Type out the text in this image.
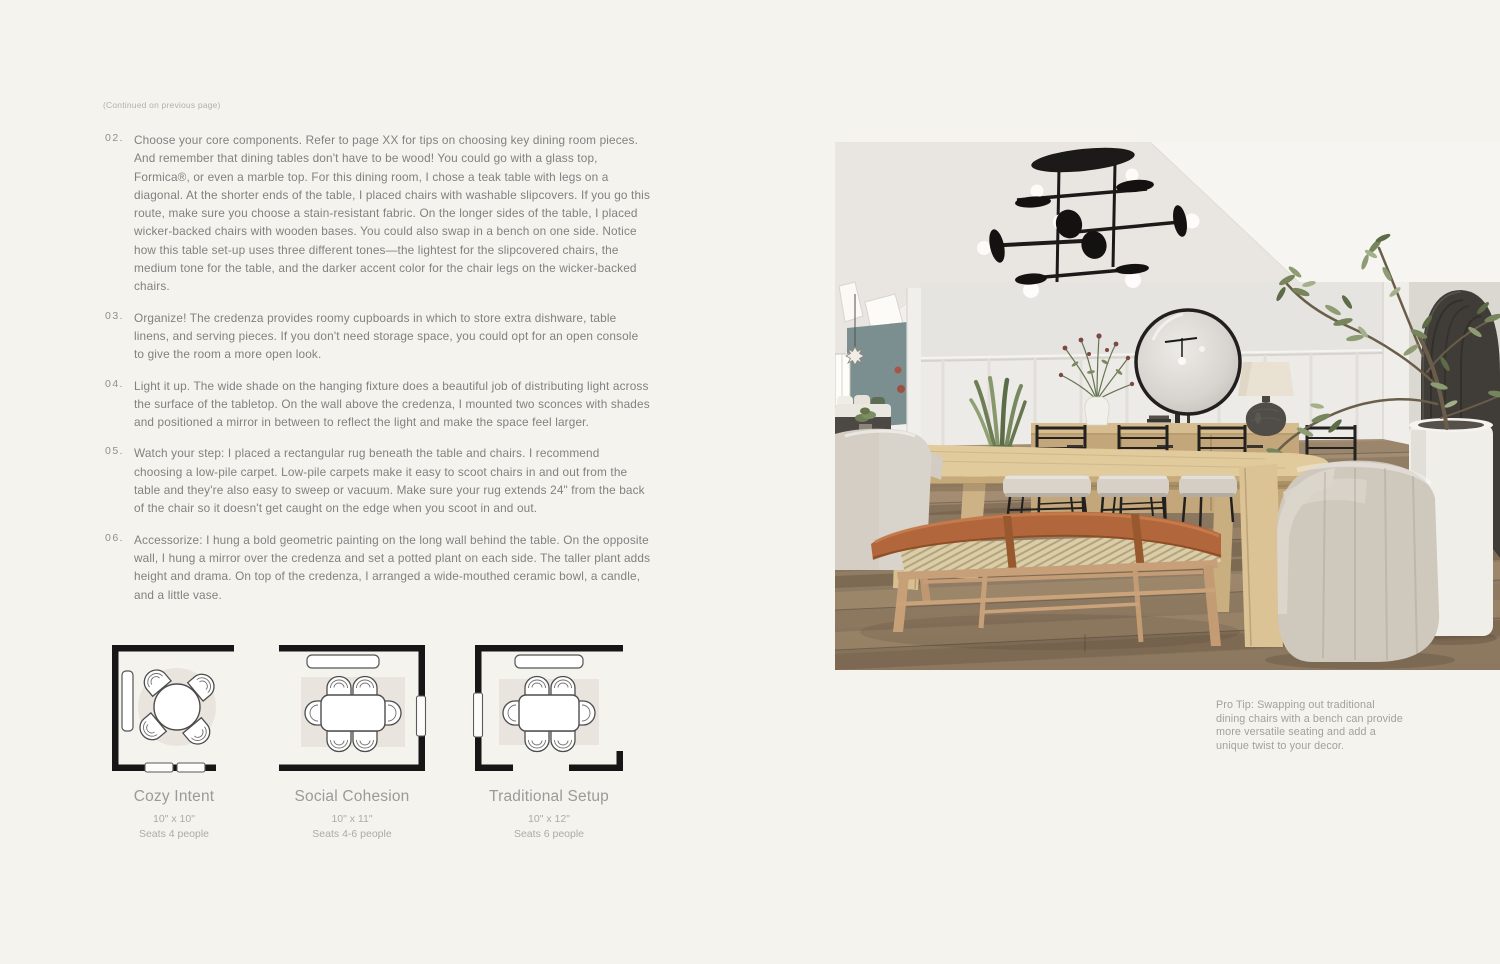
(Continued on previous page)
02. Choose your core components. Refer to page XX for tips on choosing key dining room pieces. And remember that dining tables don't have to be wood! You could go with a glass top, Formica®, or even a marble top. For this dining room, I chose a teak table with legs on a diagonal. At the shorter ends of the table, I placed chairs with washable slipcovers. If you go this route, make sure you choose a stain-resistant fabric. On the longer sides of the table, I placed wicker-backed chairs with wooden bases. You could also swap in a bench on one side. Notice how this table set-up uses three different tones—the lightest for the slipcovered chairs, the medium tone for the table, and the darker accent color for the chair legs on the wicker-backed chairs.
03. Organize! The credenza provides roomy cupboards in which to store extra dishware, table linens, and serving pieces. If you don't need storage space, you could opt for an open console to give the room a more open look.
04. Light it up. The wide shade on the hanging fixture does a beautiful job of distributing light across the surface of the tabletop. On the wall above the credenza, I mounted two sconces with shades and positioned a mirror in between to reflect the light and make the space feel larger.
05. Watch your step: I placed a rectangular rug beneath the table and chairs. I recommend choosing a low-pile carpet. Low-pile carpets make it easy to scoot chairs in and out from the table and they're also easy to sweep or vacuum. Make sure your rug extends 24" from the back of the chair so it doesn't get caught on the edge when you scoot in and out.
06. Accessorize: I hung a bold geometric painting on the long wall behind the table. On the opposite wall, I hung a mirror over the credenza and set a potted plant on each side. The taller plant adds height and drama. On top of the credenza, I arranged a wide-mouthed ceramic bowl, a candle, and a little vase.
Cozy Intent
10" x 10"
Seats 4 people
Social Cohesion
10" x 11"
Seats 4-6 people
Traditional Setup
10" x 12"
Seats 6 people
Pro Tip: Swapping out traditional dining chairs with a bench can provide more versatile seating and add a unique twist to your decor.
